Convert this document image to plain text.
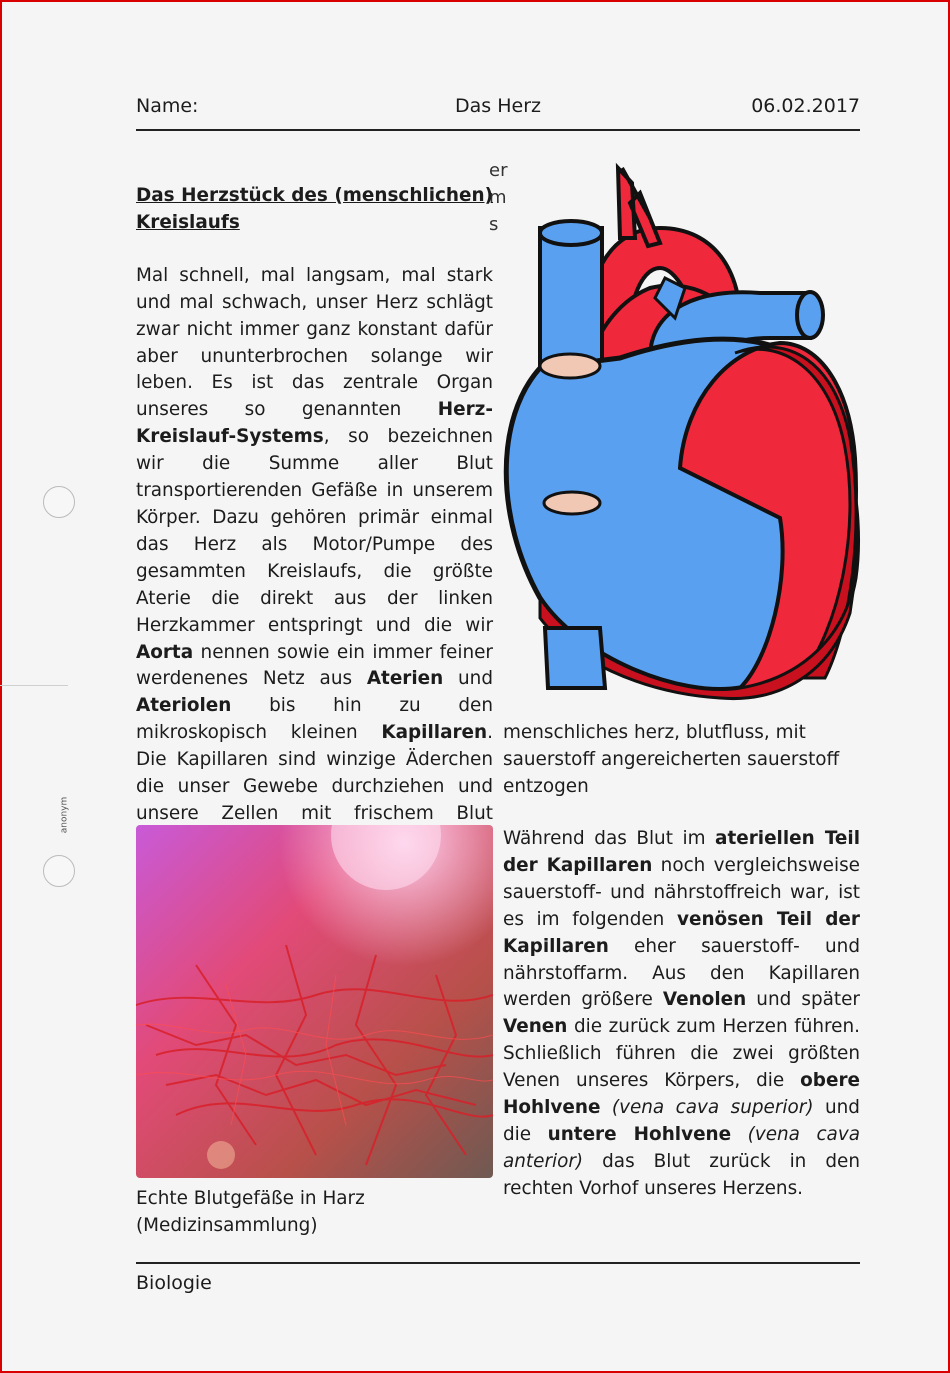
anonym
Name:	Das Herz	06.02.2017
er
m
s
Das Herzstück des (menschlichen) Kreislaufs

Mal schnell, mal langsam, mal stark und mal schwach, unser Herz schlägt zwar nicht immer ganz konstant dafür aber ununterbrochen solange wir leben. Es ist das zentrale Organ unseres so genannten Herz-Kreislauf-Systems, so bezeichnen wir die Summe aller Blut transportierenden Gefäße in unserem Körper. Dazu gehören primär einmal das Herz als Motor/Pumpe des gesammten Kreislaufs, die größte Aterie die direkt aus der linken Herzkammer entspringt und die wir Aorta nennen sowie ein immer feiner werdenenes Netz aus Aterien und Ateriolen bis hin zu den mikroskopisch kleinen Kapillaren. Die Kapillaren sind winzige Äderchen die unser Gewebe durchziehen und unsere Zellen mit frischem Blut

menschliches herz, blutfluss, mit sauerstoff angereicherten sauerstoff entzogen
Echte Blutgefäße in Harz (Medizinsammlung)

Während das Blut im ateriellen Teil der Kapillaren noch vergleichsweise sauerstoff- und nährstoffreich war, ist es im folgenden venösen Teil der Kapillaren eher sauerstoff- und nährstoffarm. Aus den Kapillaren werden größere Venolen und später Venen die zurück zum Herzen führen. Schließlich führen die zwei größten Venen unseres Körpers, die obere Hohlvene (vena cava superior) und die untere Hohlvene (vena cava anterior) das Blut zurück in den rechten Vorhof unseres Herzens.

Biologie
